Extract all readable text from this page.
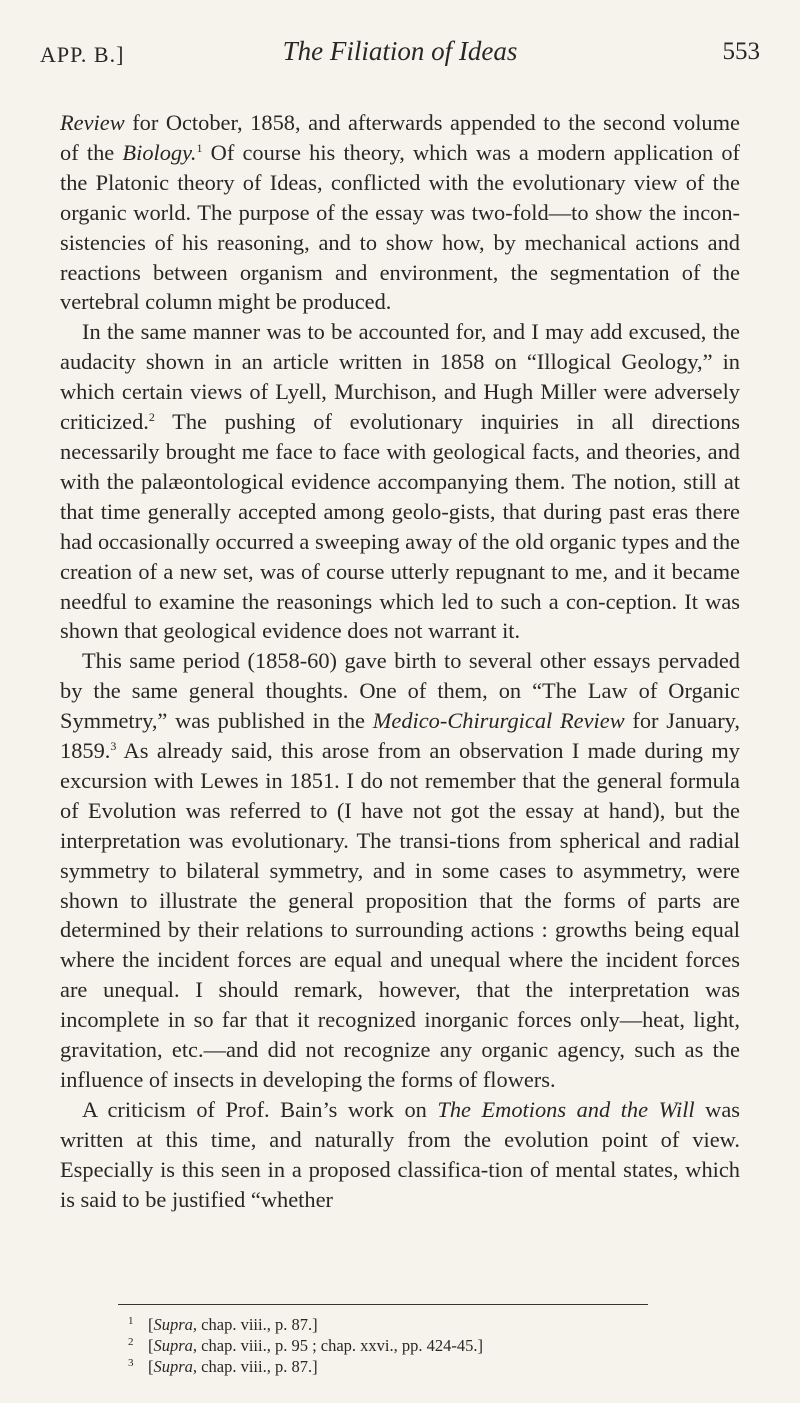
APP. B.]	The Filiation of Ideas	553

Review for October, 1858, and afterwards appended to the second volume of the Biology.$^1$ Of course his theory, which was a modern application of the Platonic theory of Ideas, conflicted with the evolutionary view of the organic world. The purpose of the essay was two-fold—to show the incon-sistencies of his reasoning, and to show how, by mechanical actions and reactions between organism and environment, the segmentation of the vertebral column might be produced.

In the same manner was to be accounted for, and I may add excused, the audacity shown in an article written in 1858 on “Illogical Geology,” in which certain views of Lyell, Murchison, and Hugh Miller were adversely criticized.$^2$ The pushing of evolutionary inquiries in all directions necessarily brought me face to face with geological facts, and theories, and with the palæontological evidence accompanying them. The notion, still at that time generally accepted among geolo-gists, that during past eras there had occasionally occurred a sweeping away of the old organic types and the creation of a new set, was of course utterly repugnant to me, and it became needful to examine the reasonings which led to such a con-ception. It was shown that geological evidence does not warrant it.

This same period (1858-60) gave birth to several other essays pervaded by the same general thoughts. One of them, on “The Law of Organic Symmetry,” was published in the Medico-Chirurgical Review for January, 1859.$^3$ As already said, this arose from an observation I made during my excursion with Lewes in 1851. I do not remember that the general formula of Evolution was referred to (I have not got the essay at hand), but the interpretation was evolutionary. The transi-tions from spherical and radial symmetry to bilateral symmetry, and in some cases to asymmetry, were shown to illustrate the general proposition that the forms of parts are determined by their relations to surrounding actions : growths being equal where the incident forces are equal and unequal where the incident forces are unequal. I should remark, however, that the interpretation was incomplete in so far that it recognized inorganic forces only—heat, light, gravitation, etc.—and did not recognize any organic agency, such as the influence of insects in developing the forms of flowers.

A criticism of Prof. Bain’s work on The Emotions and the Will was written at this time, and naturally from the evolution point of view. Especially is this seen in a proposed classifica-tion of mental states, which is said to be justified “whether

1 [Supra, chap. viii., p. 87.]
2 [Supra, chap. viii., p. 95 ; chap. xxvi., pp. 424-45.]
3 [Supra, chap. viii., p. 87.]
